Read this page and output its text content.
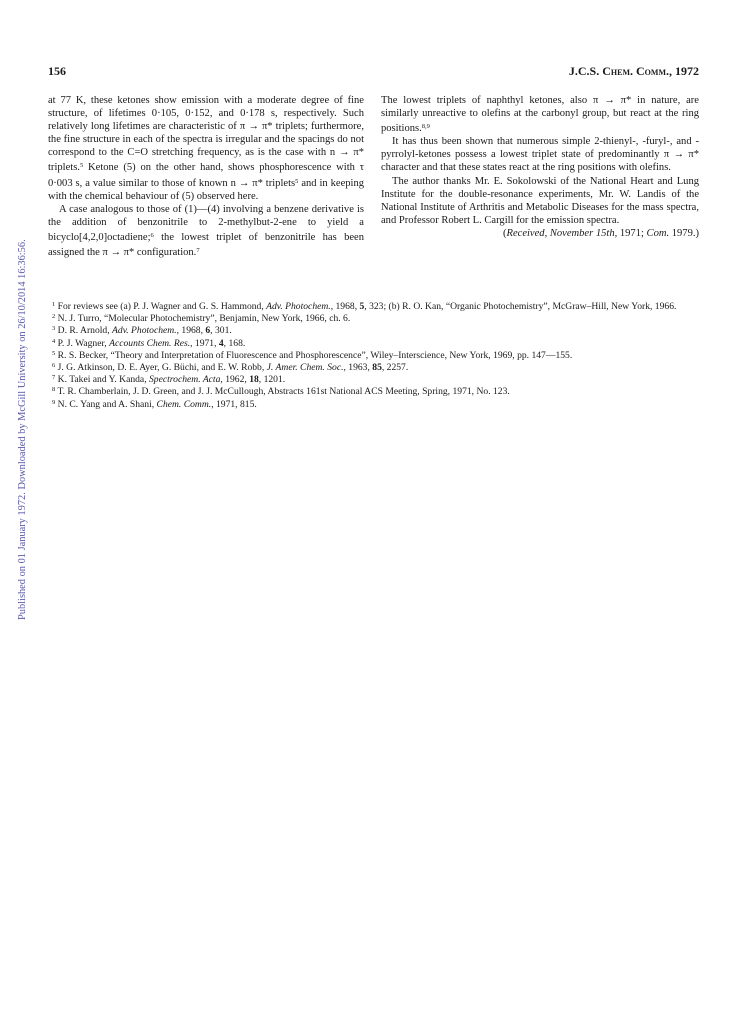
Published on 01 January 1972. Downloaded by McGill University on 26/10/2014 16:36:56.
156	J.C.S. Chem. Comm., 1972

at 77 K, these ketones show emission with a moderate degree of fine structure, of lifetimes 0·105, 0·152, and 0·178 s, respectively. Such relatively long lifetimes are characteristic of π → π* triplets; furthermore, the fine structure in each of the spectra is irregular and the spacings do not correspond to the C=O stretching frequency, as is the case with n → π* triplets.$^5$ Ketone (5) on the other hand, shows phosphorescence with τ 0·003 s, a value similar to those of known n → π* triplets$^5$ and in keeping with the chemical behaviour of (5) observed here.

A case analogous to those of (1)—(4) involving a benzene derivative is the addition of benzonitrile to 2-methylbut-2-ene to yield a bicyclo[4,2,0]octadiene;$^6$ the lowest triplet of benzonitrile has been assigned the π → π* configuration.$^7$

The lowest triplets of naphthyl ketones, also π → π* in nature, are similarly unreactive to olefins at the carbonyl group, but react at the ring positions.$^{8,9}$

It has thus been shown that numerous simple 2-thienyl-, -furyl-, and -pyrrolyl-ketones possess a lowest triplet state of predominantly π → π* character and that these states react at the ring positions with olefins.

The author thanks Mr. E. Sokolowski of the National Heart and Lung Institute for the double-resonance experiments, Mr. W. Landis of the National Institute of Arthritis and Metabolic Diseases for the mass spectra, and Professor Robert L. Cargill for the emission spectra.

(Received, November 15th, 1971; Com. 1979.)

$^1$ For reviews see (a) P. J. Wagner and G. S. Hammond, Adv. Photochem., 1968, 5, 323; (b) R. O. Kan, “Organic Photochemistry”, McGraw–Hill, New York, 1966.

$^2$ N. J. Turro, “Molecular Photochemistry”, Benjamin, New York, 1966, ch. 6.

$^3$ D. R. Arnold, Adv. Photochem., 1968, 6, 301.

$^4$ P. J. Wagner, Accounts Chem. Res., 1971, 4, 168.

$^5$ R. S. Becker, “Theory and Interpretation of Fluorescence and Phosphorescence”, Wiley–Interscience, New York, 1969, pp. 147—155.

$^6$ J. G. Atkinson, D. E. Ayer, G. Büchi, and E. W. Robb, J. Amer. Chem. Soc., 1963, 85, 2257.

$^7$ K. Takei and Y. Kanda, Spectrochem. Acta, 1962, 18, 1201.

$^8$ T. R. Chamberlain, J. D. Green, and J. J. McCullough, Abstracts 161st National ACS Meeting, Spring, 1971, No. 123.

$^9$ N. C. Yang and A. Shani, Chem. Comm., 1971, 815.
